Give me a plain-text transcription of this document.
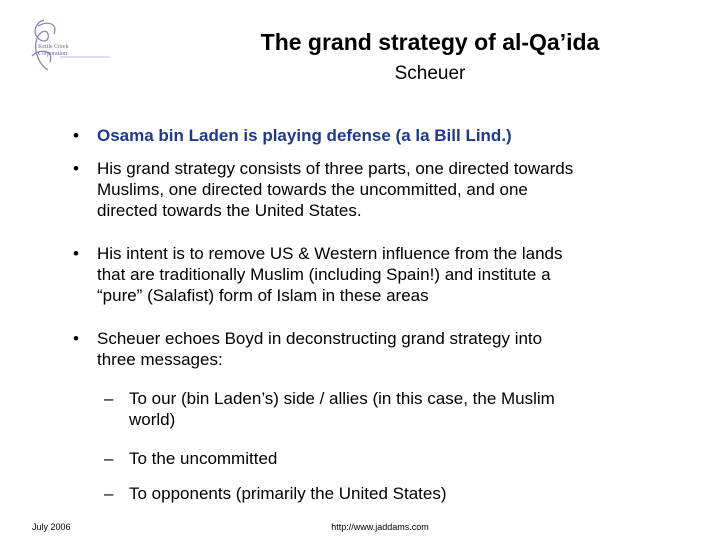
Kettle Creek
Corporation	The grand strategy of al-Qa’ida
Scheuer
•	Osama bin Laden is playing defense (a la Bill Lind.)
•	His grand strategy consists of three parts, one directed towards
Muslims, one directed towards the uncommitted, and one
directed towards the United States.
•	His intent is to remove US & Western influence from the lands
that are traditionally Muslim (including Spain!) and institute a
“pure” (Salafist) form of Islam in these areas
•	Scheuer echoes Boyd in deconstructing grand strategy into
three messages:
– To our (bin Laden’s) side / allies (in this case, the Muslim
world)
– To the uncommitted
– To opponents (primarily the United States)
July 2006	http://www.jaddams.com
